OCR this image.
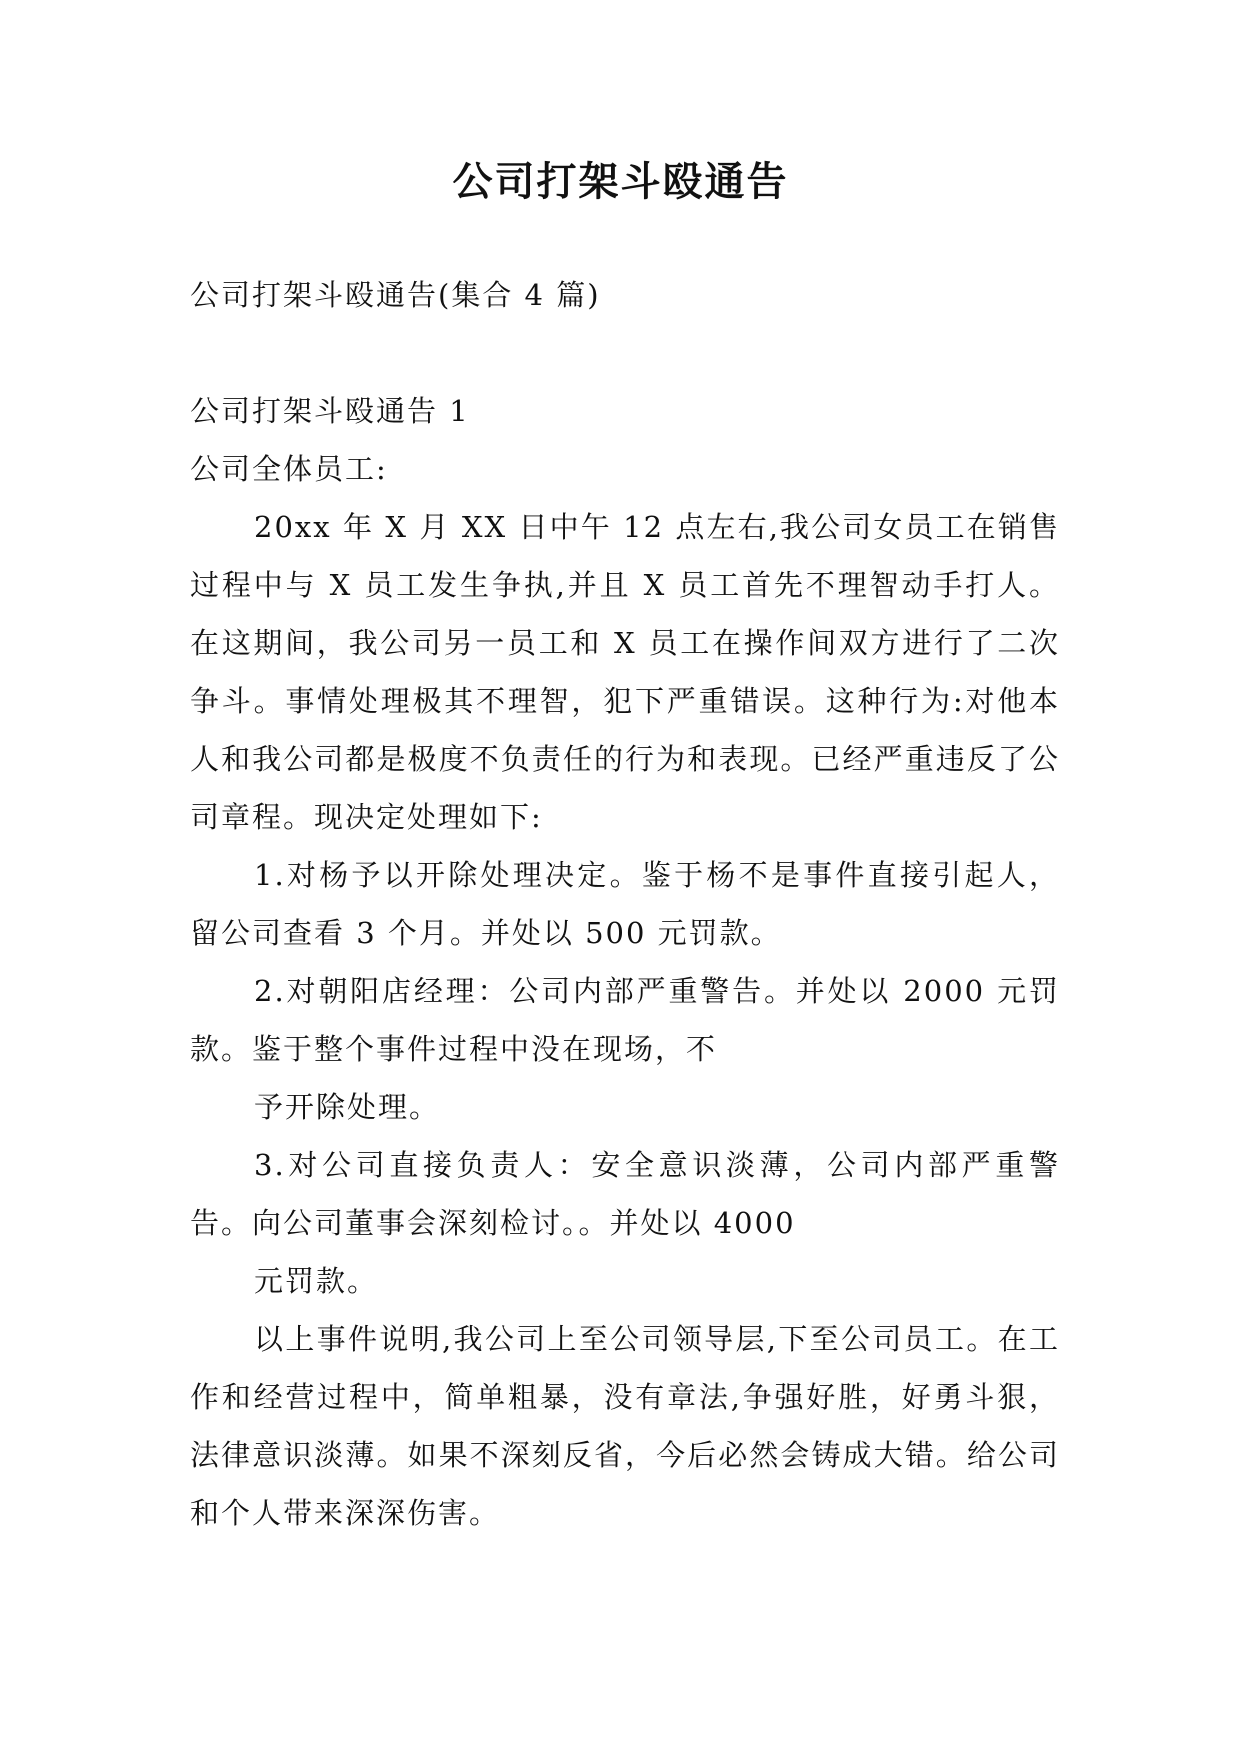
公司打架斗殴通告

公司打架斗殴通告(集合 4 篇)

公司打架斗殴通告 1

公司全体员工:

20xx 年 X 月 XX 日中午 12 点左右,我公司女员工在销售过程中与 X 员工发生争执,并且 X 员工首先不理智动手打人。在这期间，我公司另一员工和 X 员工在操作间双方进行了二次争斗。事情处理极其不理智，犯下严重错误。这种行为:对他本人和我公司都是极度不负责任的行为和表现。已经严重违反了公司章程。现决定处理如下:

1.对杨予以开除处理决定。鉴于杨不是事件直接引起人，留公司查看 3 个月。并处以 500 元罚款。

2.对朝阳店经理：公司内部严重警告。并处以 2000 元罚款。鉴于整个事件过程中没在现场，不

予开除处理。

3.对公司直接负责人：安全意识淡薄，公司内部严重警告。向公司董事会深刻检讨。。并处以 4000

元罚款。

以上事件说明,我公司上至公司领导层,下至公司员工。在工作和经营过程中，简单粗暴，没有章法,争强好胜，好勇斗狠，法律意识淡薄。如果不深刻反省，今后必然会铸成大错。给公司和个人带来深深伤害。
